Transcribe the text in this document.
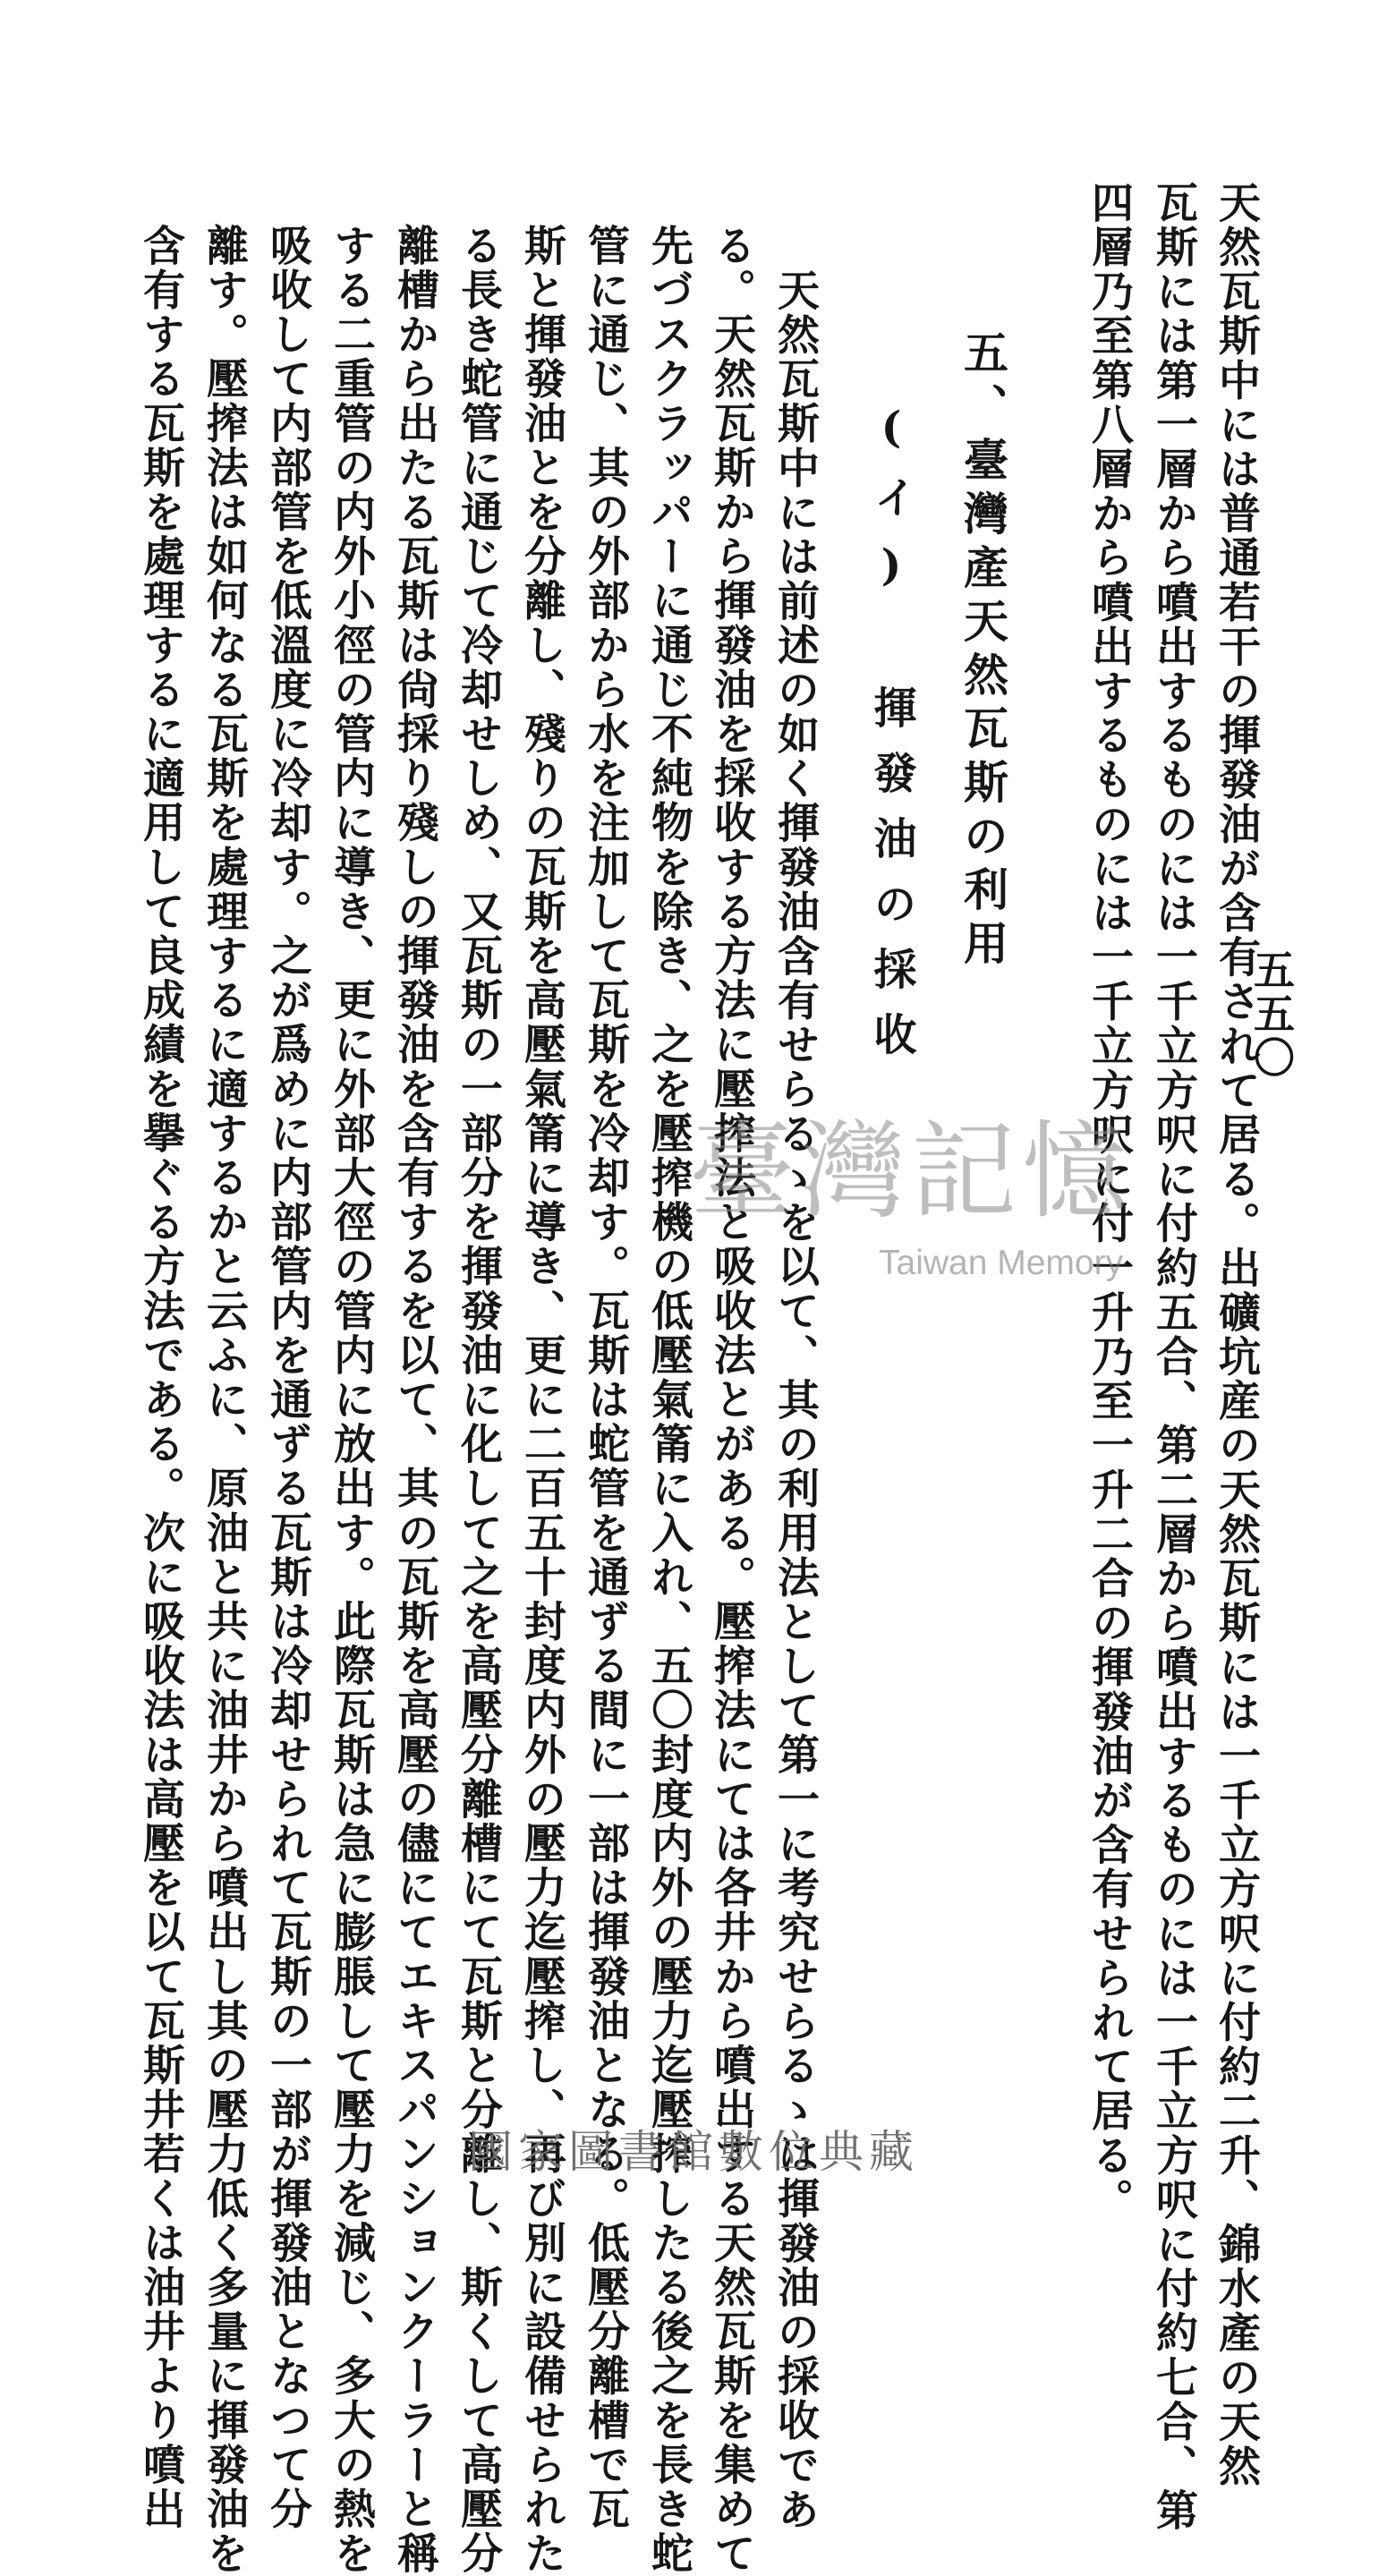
五五〇
天然瓦斯中には普通若干の揮發油が含有されて居る。出礦坑産の天然瓦斯には一千立方呎に付約二升、錦水產の天然
瓦斯には第一層から噴出するものには一千立方呎に付約五合、第二層から噴出するものには一千立方呎に付約七合、第
四層乃至第八層から噴出するものには一千立方呎に付一升乃至一升二合の揮發油が含有せられて居る。
五、臺灣產天然瓦斯の利用
(イ) 揮發油の採收
天然瓦斯中には前述の如く揮發油含有せらるゝを以て、其の利用法として第一に考究せらるゝは揮發油の採收であ
る。天然瓦斯から揮發油を採收する方法に壓搾法と吸收法とがある。壓搾法にては各井から噴出する天然瓦斯を集めて
先づスクラッパーに通じ不純物を除き、之を壓搾機の低壓氣筩に入れ、五〇封度内外の壓力迄壓搾したる後之を長き蛇
管に通じ、其の外部から水を注加して瓦斯を冷却す。瓦斯は蛇管を通ずる間に一部は揮發油となる。低壓分離槽で瓦
斯と揮發油とを分離し、殘りの瓦斯を高壓氣筩に導き、更に二百五十封度内外の壓力迄壓搾し、再び別に設備せられた
る長き蛇管に通じて冷却せしめ、又瓦斯の一部分を揮發油に化して之を高壓分離槽にて瓦斯と分離し、斯くして高壓分
離槽から出たる瓦斯は尙採り殘しの揮發油を含有するを以て、其の瓦斯を高壓の儘にてエキスパンションクーラーと稱
する二重管の内外小徑の管内に導き、更に外部大徑の管内に放出す。此際瓦斯は急に膨脹して壓力を減じ、多大の熱を
吸收して内部管を低溫度に冷却す。之が爲めに内部管内を通ずる瓦斯は冷却せられて瓦斯の一部が揮發油となつて分
離す。壓搾法は如何なる瓦斯を處理するに適するかと云ふに、原油と共に油井から噴出し其の壓力低く多量に揮發油を
含有する瓦斯を處理するに適用して良成績を擧ぐる方法である。次に吸收法は高壓を以て瓦斯井若くは油井より噴出	臺灣記憶
Taiwan Memory
國家圖書館數位典藏
